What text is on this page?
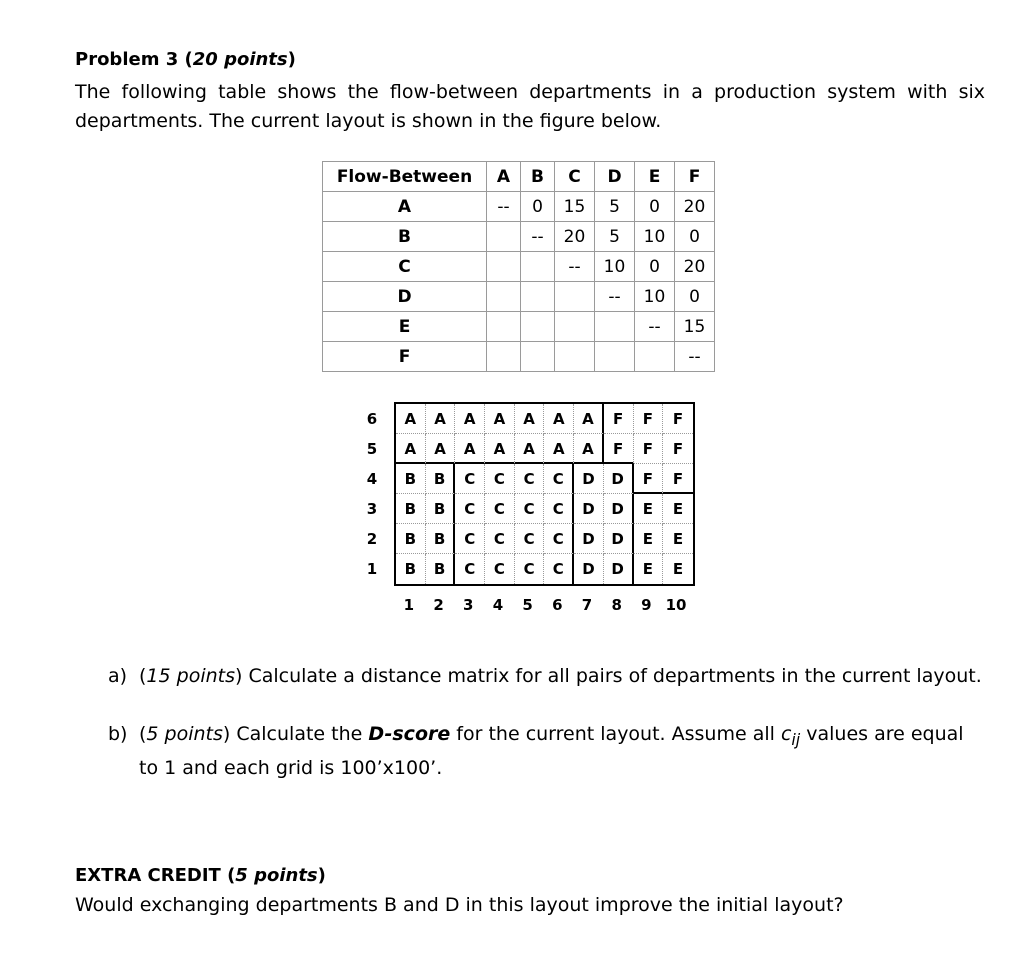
Problem 3 (20 points)

The following table shows the flow-between departments in a production system with six departments. The current layout is shown in the figure below.

Flow-Between	A	B	C	D	E	F
A	--	0	15	5	0	20
B		--	20	5	10	0
C			--	10	0	20
D				--	10	0
E					--	15
F						--
6
5
4
3
2
1
A	A	A	A	A	A	A	F	F	F
A	A	A	A	A	A	A	F	F	F
B	B	C	C	C	C	D	D	F	F
B	B	C	C	C	C	D	D	E	E
B	B	C	C	C	C	D	D	E	E
B	B	C	C	C	C	D	D	E	E
1	2	3	4	5	6	7	8	9 10
a) (15 points) Calculate a distance matrix for all pairs of departments in the current layout.
b) (5 points) Calculate the D-score for the current layout. Assume all $c_{ij}$ values are equal to 1 and each grid is 100’x100’.

EXTRA CREDIT (5 points)

Would exchanging departments B and D in this layout improve the initial layout?
